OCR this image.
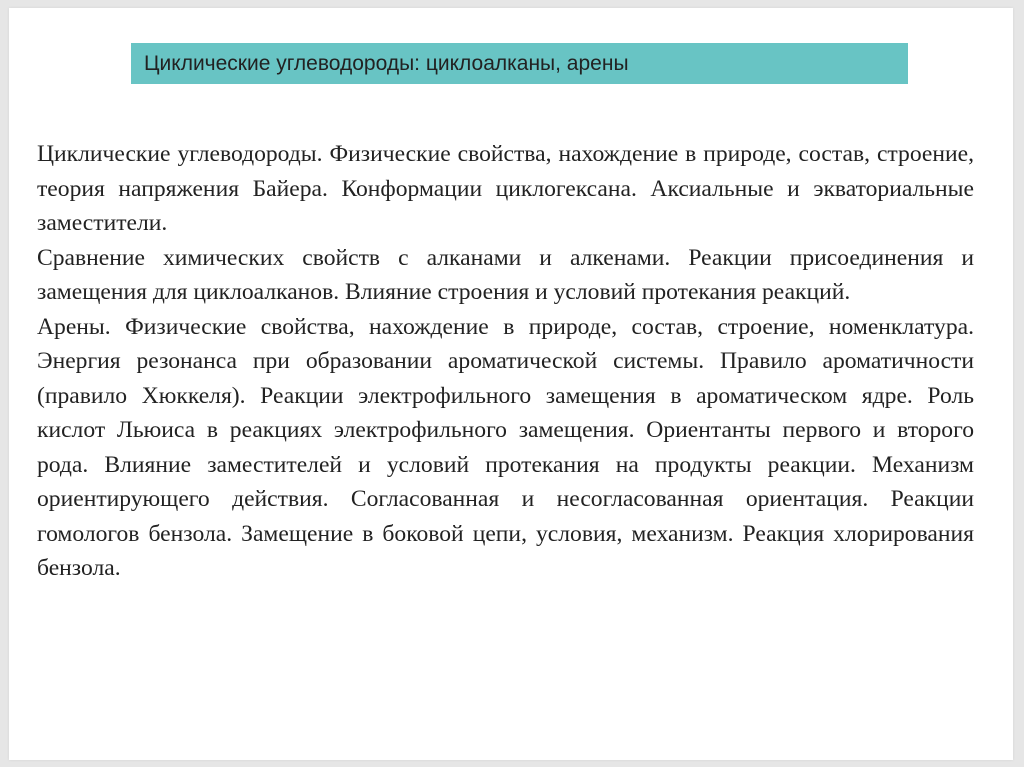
Циклические углеводороды: циклоалканы, арены

Циклические углеводороды. Физические свойства, нахождение в природе, состав, строение, теория напряжения Байера. Конформации циклогексана. Аксиальные и экваториальные заместители.

Сравнение химических свойств с алканами и алкенами. Реакции присоединения и замещения для циклоалканов. Влияние строения и условий протекания реакций.

Арены. Физические свойства, нахождение в природе, состав, строение, номенклатура. Энергия резонанса при образовании ароматической системы. Правило ароматичности (правило Хюккеля). Реакции электрофильного замещения в ароматическом ядре. Роль кислот Льюиса в реакциях электрофильного замещения. Ориентанты первого и второго рода. Влияние заместителей и условий протекания на продукты реакции. Механизм ориентирующего действия. Согласованная и несогласованная ориентация. Реакции гомологов бензола. Замещение в боковой цепи, условия, механизм. Реакция хлорирования бензола.
